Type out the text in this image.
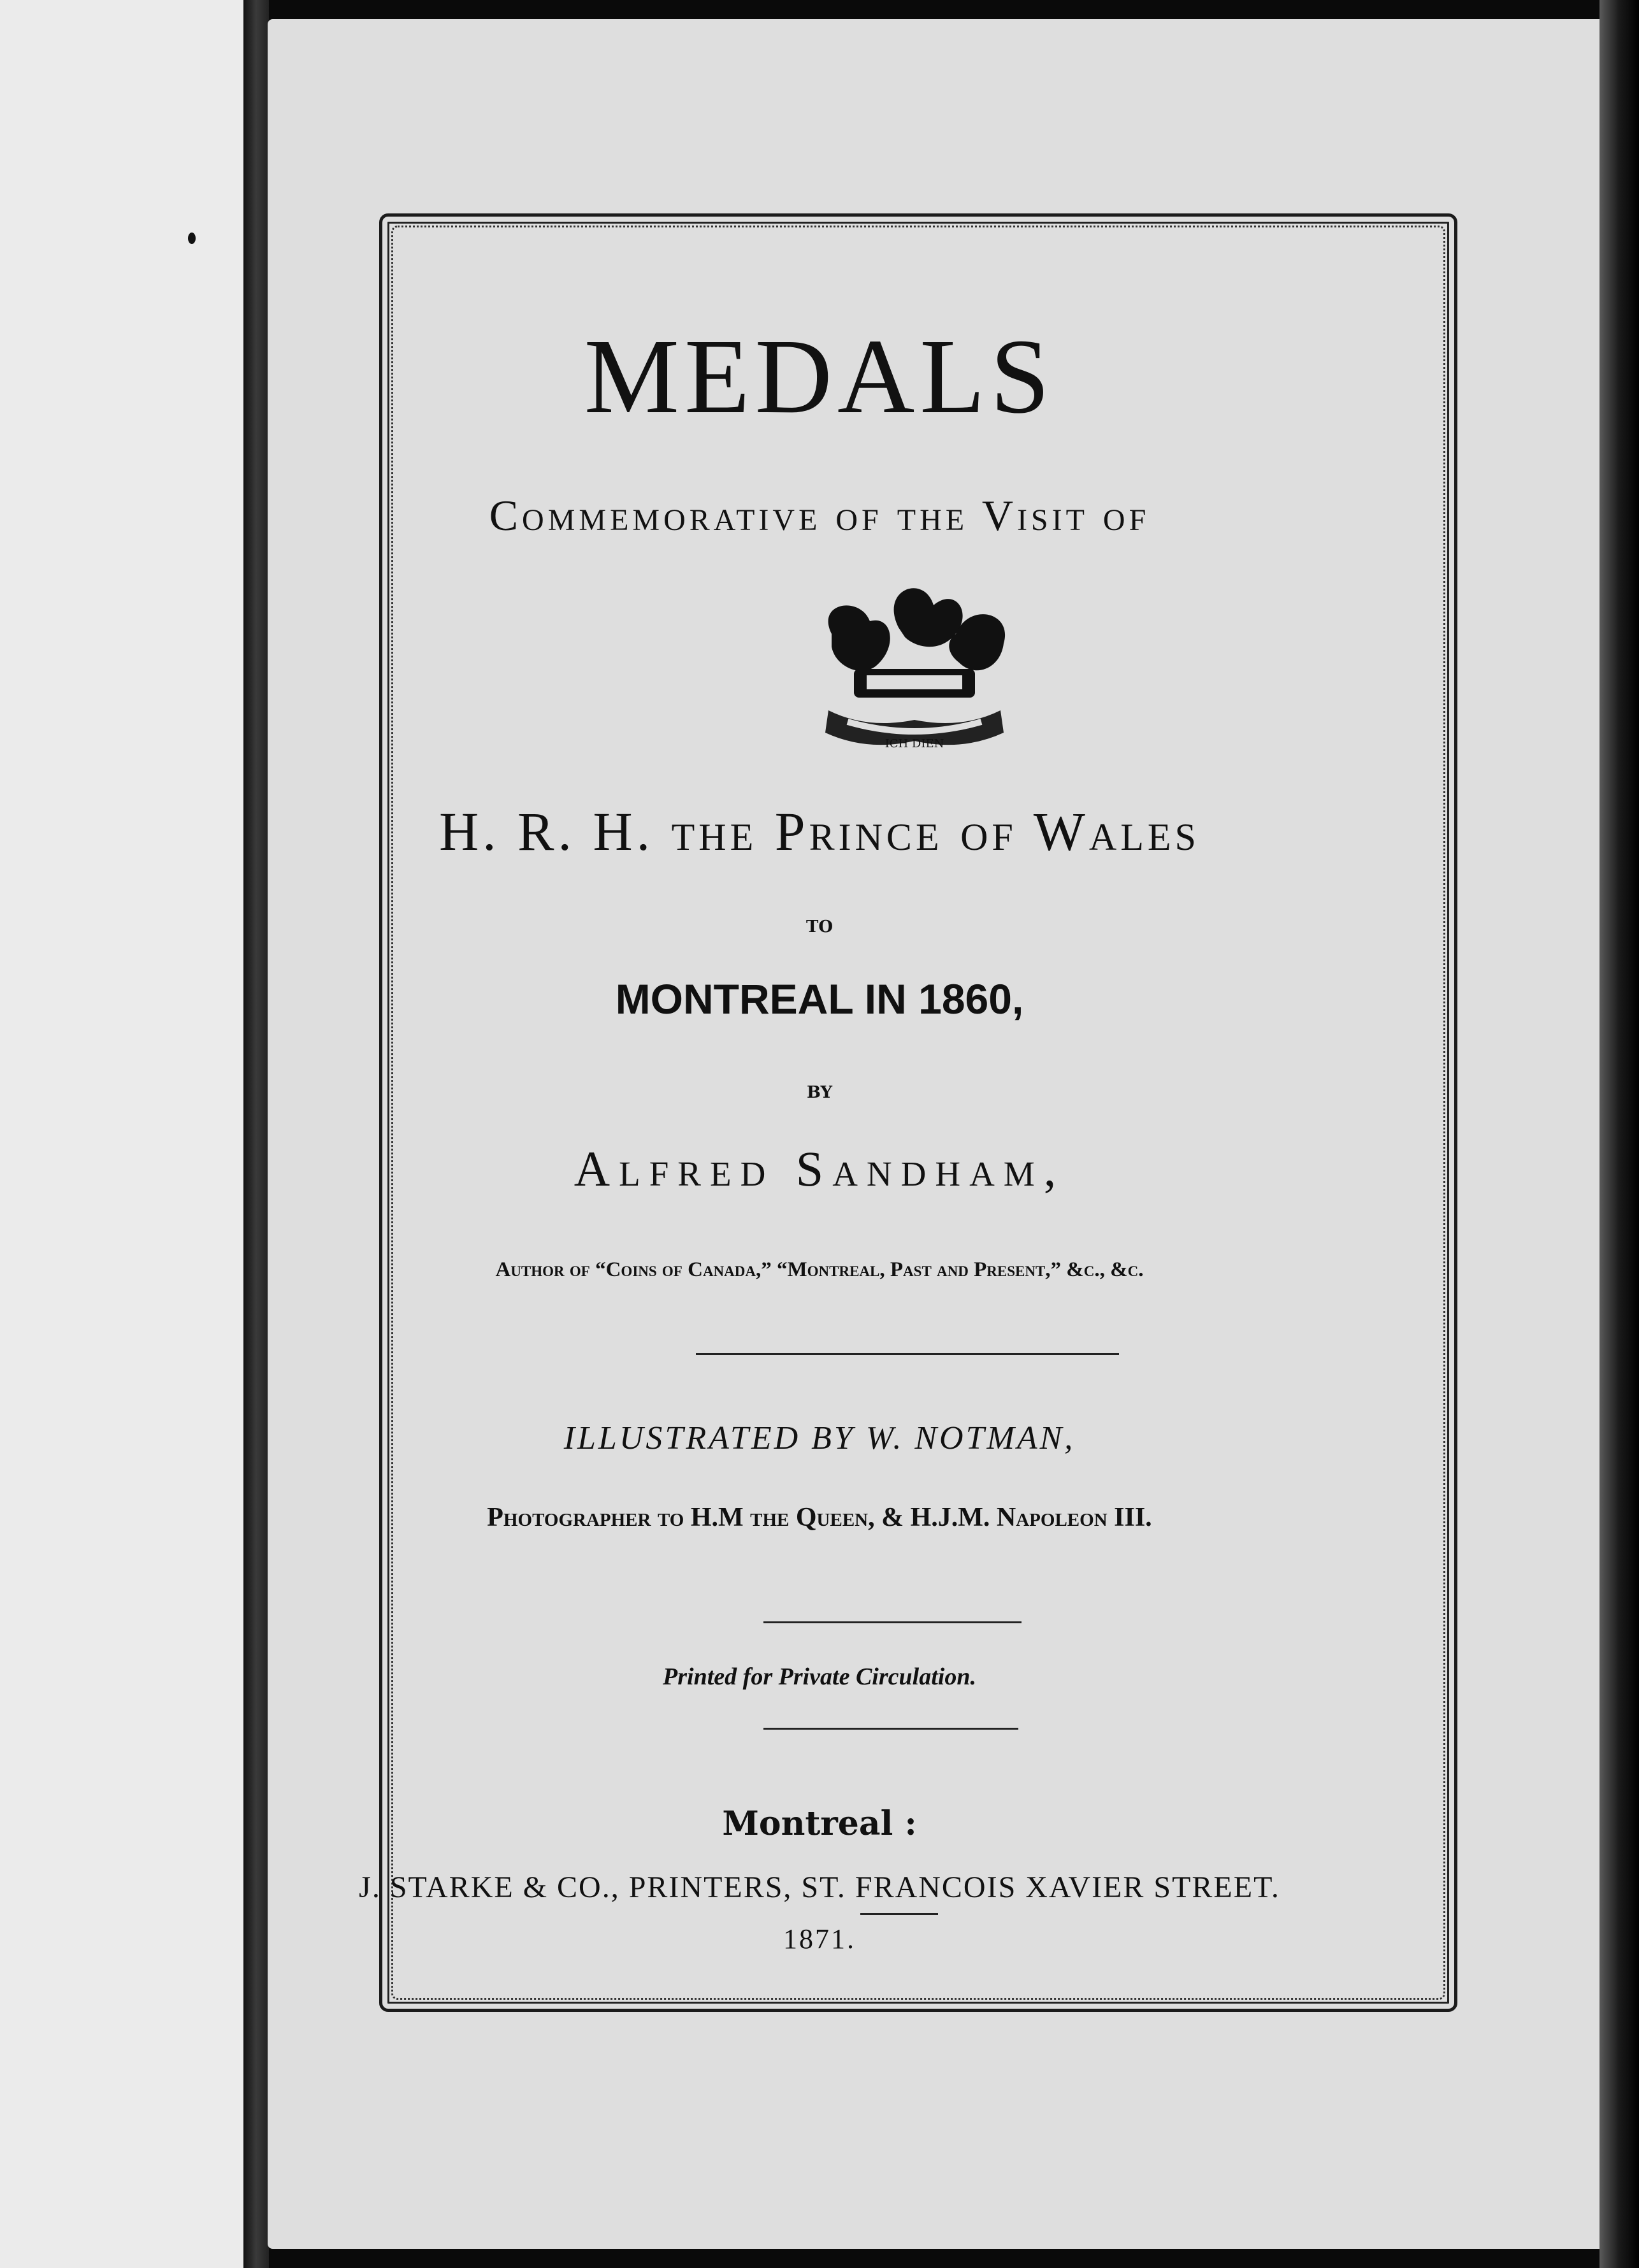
MEDALS
Commemorative of the Visit of
ICH DIEN
H. R. H. the Prince of Wales
TO
MONTREAL IN 1860,
BY
Alfred Sandham,
Author of “Coins of Canada,” “Montreal, Past and Present,” &c., &c.
ILLUSTRATED BY W. NOTMAN,
Photographer to H.M the Queen, & H.J.M. Napoleon III.
Printed for Private Circulation.
Montreal :
J. STARKE & CO., PRINTERS, ST. FRANCOIS XAVIER STREET.
1871.
